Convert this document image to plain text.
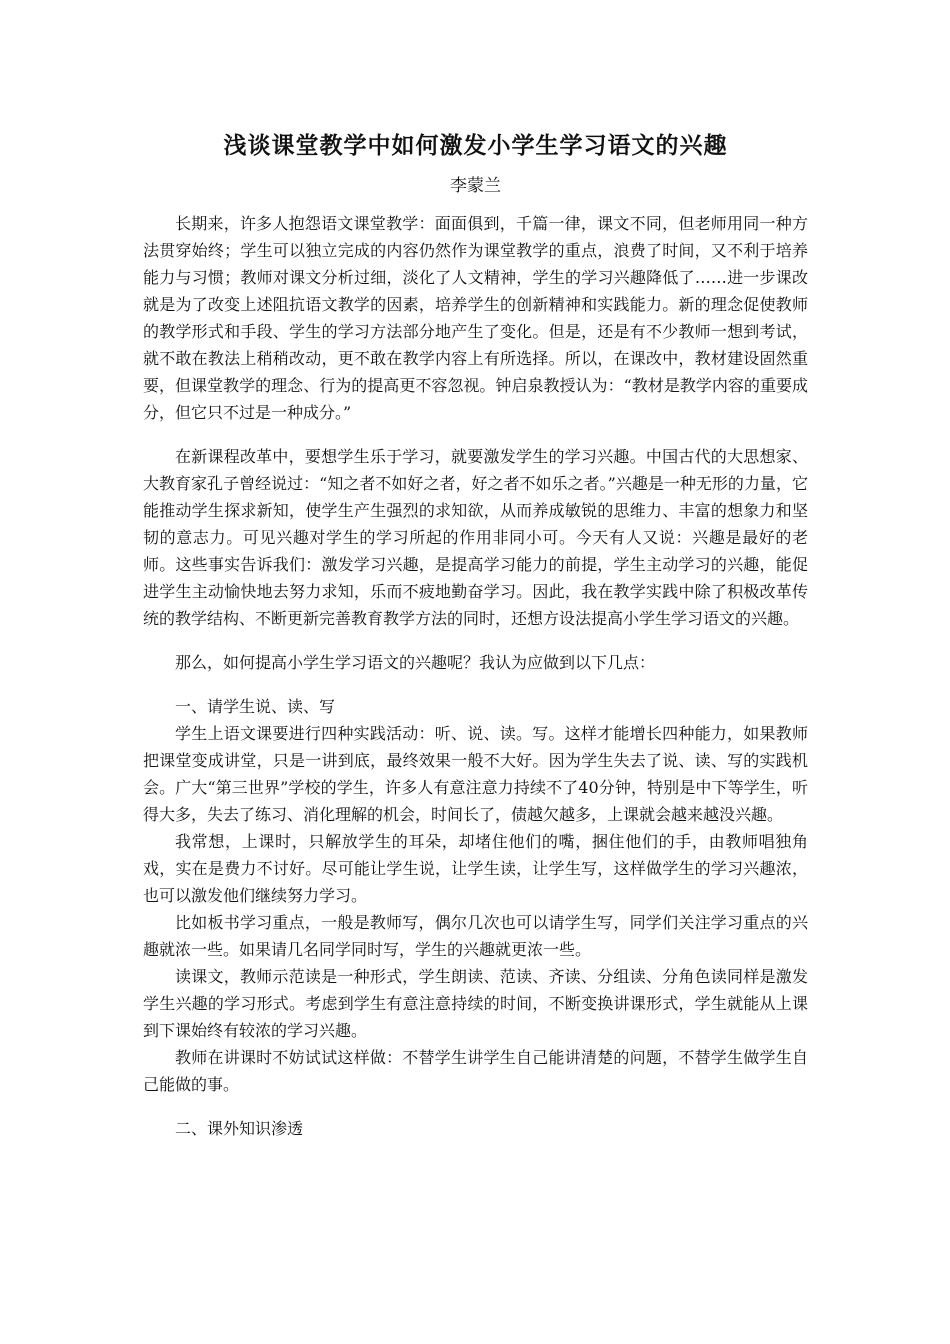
浅谈课堂教学中如何激发小学生学习语文的兴趣
李蒙兰

长期来，许多人抱怨语文课堂教学：面面俱到，千篇一律，课文不同，但老师用同一种方法贯穿始终；学生可以独立完成的内容仍然作为课堂教学的重点，浪费了时间，又不利于培养能力与习惯；教师对课文分析过细，淡化了人文精神，学生的学习兴趣降低了……进一步课改就是为了改变上述阻抗语文教学的因素，培养学生的创新精神和实践能力。新的理念促使教师的教学形式和手段、学生的学习方法部分地产生了变化。但是，还是有不少教师一想到考试，就不敢在教法上稍稍改动，更不敢在教学内容上有所选择。所以，在课改中，教材建设固然重要，但课堂教学的理念、行为的提高更不容忽视。钟启泉教授认为：“教材是教学内容的重要成分，但它只不过是一种成分。”

在新课程改革中，要想学生乐于学习，就要激发学生的学习兴趣。中国古代的大思想家、大教育家孔子曾经说过：“知之者不如好之者，好之者不如乐之者。”兴趣是一种无形的力量，它能推动学生探求新知，使学生产生强烈的求知欲，从而养成敏锐的思维力、丰富的想象力和坚韧的意志力。可见兴趣对学生的学习所起的作用非同小可。今天有人又说：兴趣是最好的老师。这些事实告诉我们：激发学习兴趣，是提高学习能力的前提，学生主动学习的兴趣，能促进学生主动愉快地去努力求知，乐而不疲地勤奋学习。因此，我在教学实践中除了积极改革传统的教学结构、不断更新完善教育教学方法的同时，还想方设法提高小学生学习语文的兴趣。

那么，如何提高小学生学习语文的兴趣呢？我认为应做到以下几点：

一、请学生说、读、写

学生上语文课要进行四种实践活动：听、说、读。写。这样才能增长四种能力，如果教师把课堂变成讲堂，只是一讲到底，最终效果一般不大好。因为学生失去了说、读、写的实践机会。广大“第三世界”学校的学生，许多人有意注意力持续不了40分钟，特别是中下等学生，听得大多，失去了练习、消化理解的机会，时间长了，债越欠越多，上课就会越来越没兴趣。

我常想，上课时，只解放学生的耳朵，却堵住他们的嘴，捆住他们的手，由教师唱独角戏，实在是费力不讨好。尽可能让学生说，让学生读，让学生写，这样做学生的学习兴趣浓，也可以激发他们继续努力学习。

比如板书学习重点，一般是教师写，偶尔几次也可以请学生写，同学们关注学习重点的兴趣就浓一些。如果请几名同学同时写，学生的兴趣就更浓一些。

读课文，教师示范读是一种形式，学生朗读、范读、齐读、分组读、分角色读同样是激发学生兴趣的学习形式。考虑到学生有意注意持续的时间，不断变换讲课形式，学生就能从上课到下课始终有较浓的学习兴趣。

教师在讲课时不妨试试这样做：不替学生讲学生自己能讲清楚的问题，不替学生做学生自己能做的事。

二、课外知识渗透
